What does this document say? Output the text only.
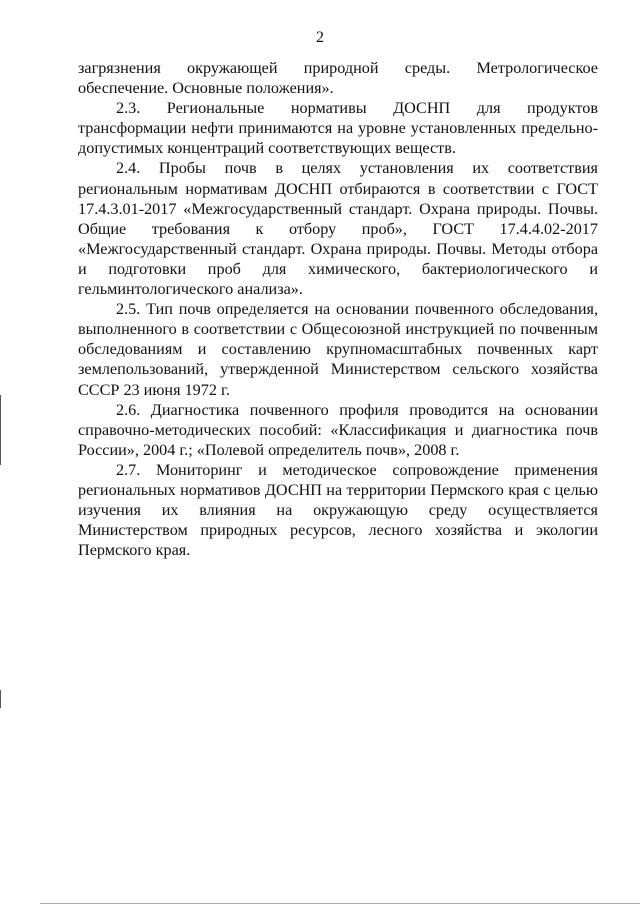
2

загрязнения окружающей природной среды. Метрологическое обеспечение. Основные положения».

2.3. Региональные нормативы ДОСНП для продуктов трансформации нефти принимаются на уровне установленных предельно-допустимых концентраций соответствующих веществ.

2.4. Пробы почв в целях установления их соответствия региональным нормативам ДОСНП отбираются в соответствии с ГОСТ 17.4.3.01-2017 «Межгосударственный стандарт. Охрана природы. Почвы. Общие требования к отбору проб», ГОСТ 17.4.4.02-2017 «Межгосударственный стандарт. Охрана природы. Почвы. Методы отбора и подготовки проб для химического, бактериологического и гельминтологического анализа».

2.5. Тип почв определяется на основании почвенного обследования, выполненного в соответствии с Общесоюзной инструкцией по почвенным обследованиям и составлению крупномасштабных почвенных карт землепользований, утвержденной Министерством сельского хозяйства СССР 23 июня 1972 г.

2.6. Диагностика почвенного профиля проводится на основании справочно-методических пособий: «Классификация и диагностика почв России», 2004 г.; «Полевой определитель почв», 2008 г.

2.7. Мониторинг и методическое сопровождение применения региональных нормативов ДОСНП на территории Пермского края с целью изучения их влияния на окружающую среду осуществляется Министерством природных ресурсов, лесного хозяйства и экологии Пермского края.
